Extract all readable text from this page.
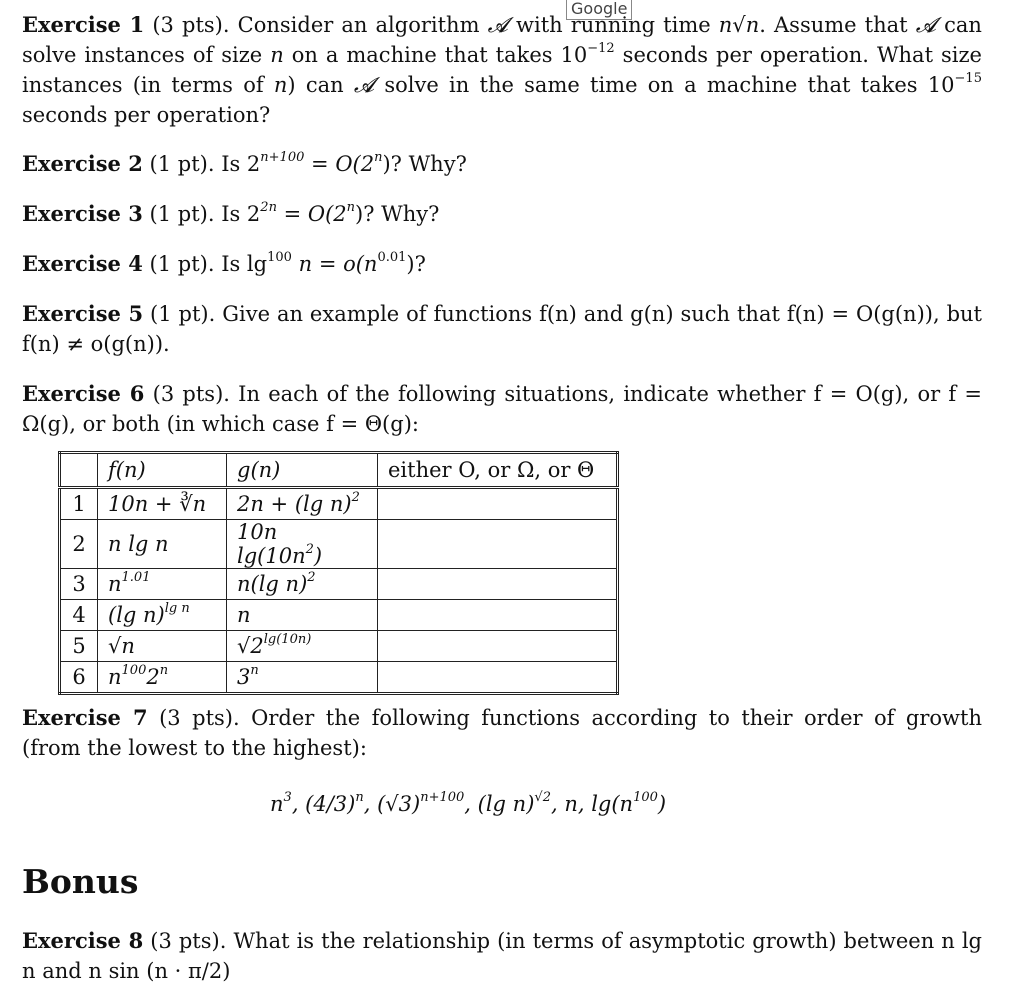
Google
Exercise 1 (3 pts). Consider an algorithm 𝓐 with running time n√n. Assume that 𝓐 can solve instances of size n on a machine that takes $10^{-12}$ seconds per operation. What size instances (in terms of n) can 𝓐 solve in the same time on a machine that takes $10^{-15}$ seconds per operation?
Exercise 2 (1 pt). Is $2^{n+100} = O(2^n)$? Why?
Exercise 3 (1 pt). Is $2^{2n} = O(2^n)$? Why?
Exercise 4 (1 pt). Is $\lg^{100} n = o(n^{0.01})$?
Exercise 5 (1 pt). Give an example of functions f(n) and g(n) such that f(n) = O(g(n)), but f(n) ≠ o(g(n)).
Exercise 6 (3 pts). In each of the following situations, indicate whether f = O(g), or f = Ω(g), or both (in which case f = Θ(g):
Exercise 7 (3 pts). Order the following functions according to their order of growth (from the lowest to the highest):
Exercise 8 (3 pts). What is the relationship (in terms of asymptotic growth) between n lg n and n sin (n · π/2)
	f(n)	g(n)	either O, or Ω, or Θ
1	10n + ∛n	2n + (lg n)$^2$	
2	n lg n	10n $\lg(10n^2)$	
3	$n^{1.01}$	n(lg n)$^2$	
4	(lg n)$^{lg n}$	n	
5	√n	$√2^{lg(10n)}$	
6	$n^{100}2^n$	3$^n$	
$n^3$, $(4/3)^n$, $(√3)^{n+100}$, (lg n)$^{√2}$, n, $\lg(n^{100})$
Bonus
